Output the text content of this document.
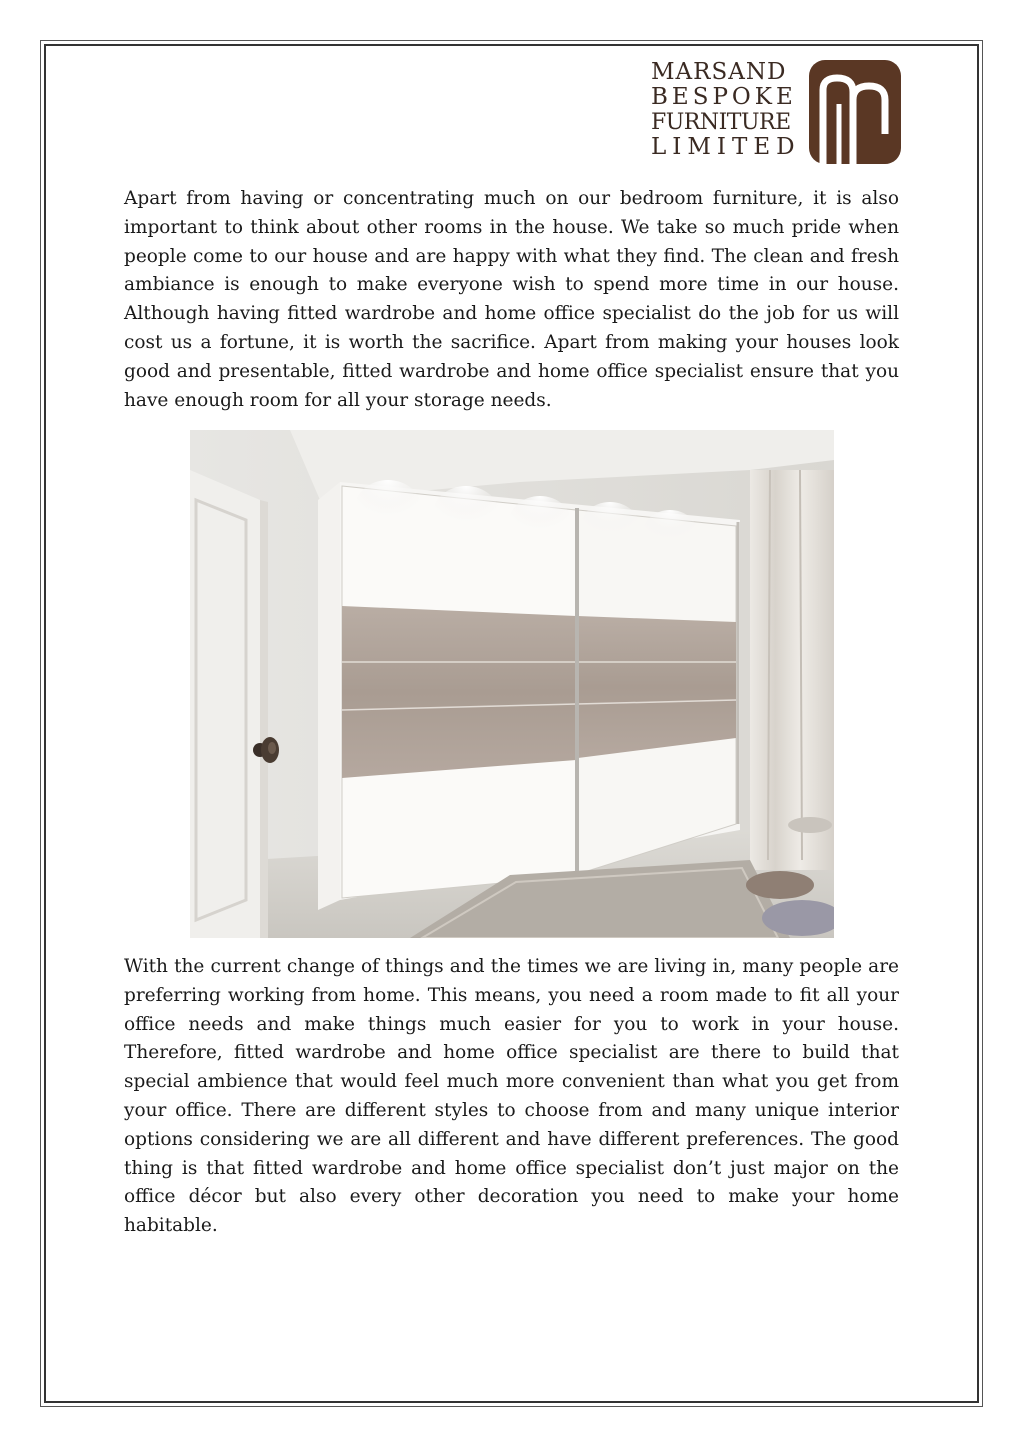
MARSAND
BESPOKE
FURNITURE
LIMITED

Apart from having or concentrating much on our bedroom furniture, it is also important to think about other rooms in the house. We take so much pride when people come to our house and are happy with what they find. The clean and fresh ambiance is enough to make everyone wish to spend more time in our house. Although having fitted wardrobe and home office specialist do the job for us will cost us a fortune, it is worth the sacrifice. Apart from making your houses look good and presentable, fitted wardrobe and home office specialist ensure that you have enough room for all your storage needs.

With the current change of things and the times we are living in, many people are preferring working from home. This means, you need a room made to fit all your office needs and make things much easier for you to work in your house. Therefore, fitted wardrobe and home office specialist are there to build that special ambience that would feel much more convenient than what you get from your office. There are different styles to choose from and many unique interior options considering we are all different and have different preferences. The good thing is that fitted wardrobe and home office specialist don’t just major on the office décor but also every other decoration you need to make your home habitable.
